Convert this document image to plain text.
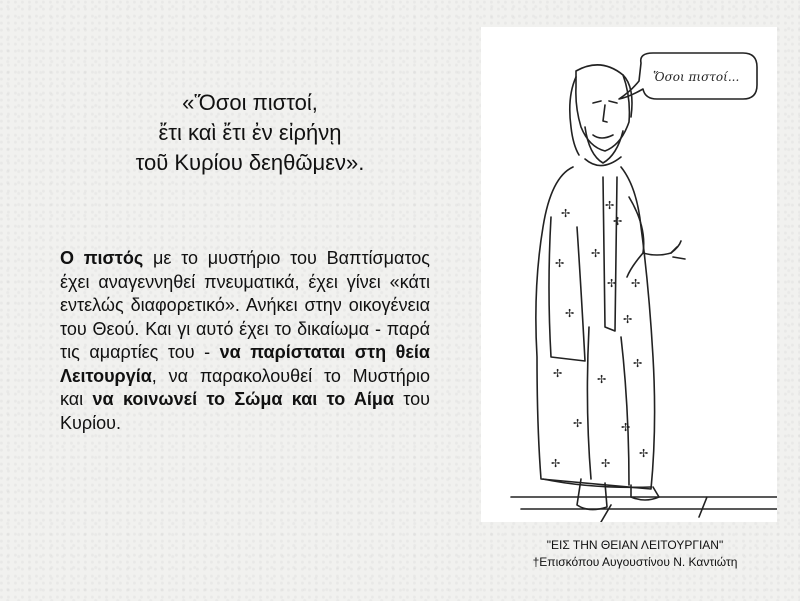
«Ὅσοι πιστοί,
ἔτι καὶ ἔτι ἐν εἰρήνῃ
τοῦ Κυρίου δεηθῶμεν».
Ο πιστός με το μυστήριο του Βαπτίσματος έχει αναγεννηθεί πνευματικά, έχει γίνει «κάτι εντελώς διαφορετικό». Ανήκει στην οικογένεια του Θεού. Και γι αυτό έχει το δικαίωμα - παρά τις αμαρτίες του - να παρίσταται στη θεία Λειτουργία, να παρακολουθεί το Μυστήριο και να κοινωνεί το Σώμα και το Αίμα του Κυρίου.
✢
✢
✢
✢
✢
✢	✢
✢	✢
✢
✢	✢
✢	✢
✢
✢
✢
Ὅσοι πιστοί...
"ΕΙΣ ΤΗΝ ΘΕΙΑΝ ΛΕΙΤΟΥΡΓΙΑΝ"
†Επισκόπου Αυγουστίνου Ν. Καντιώτη
